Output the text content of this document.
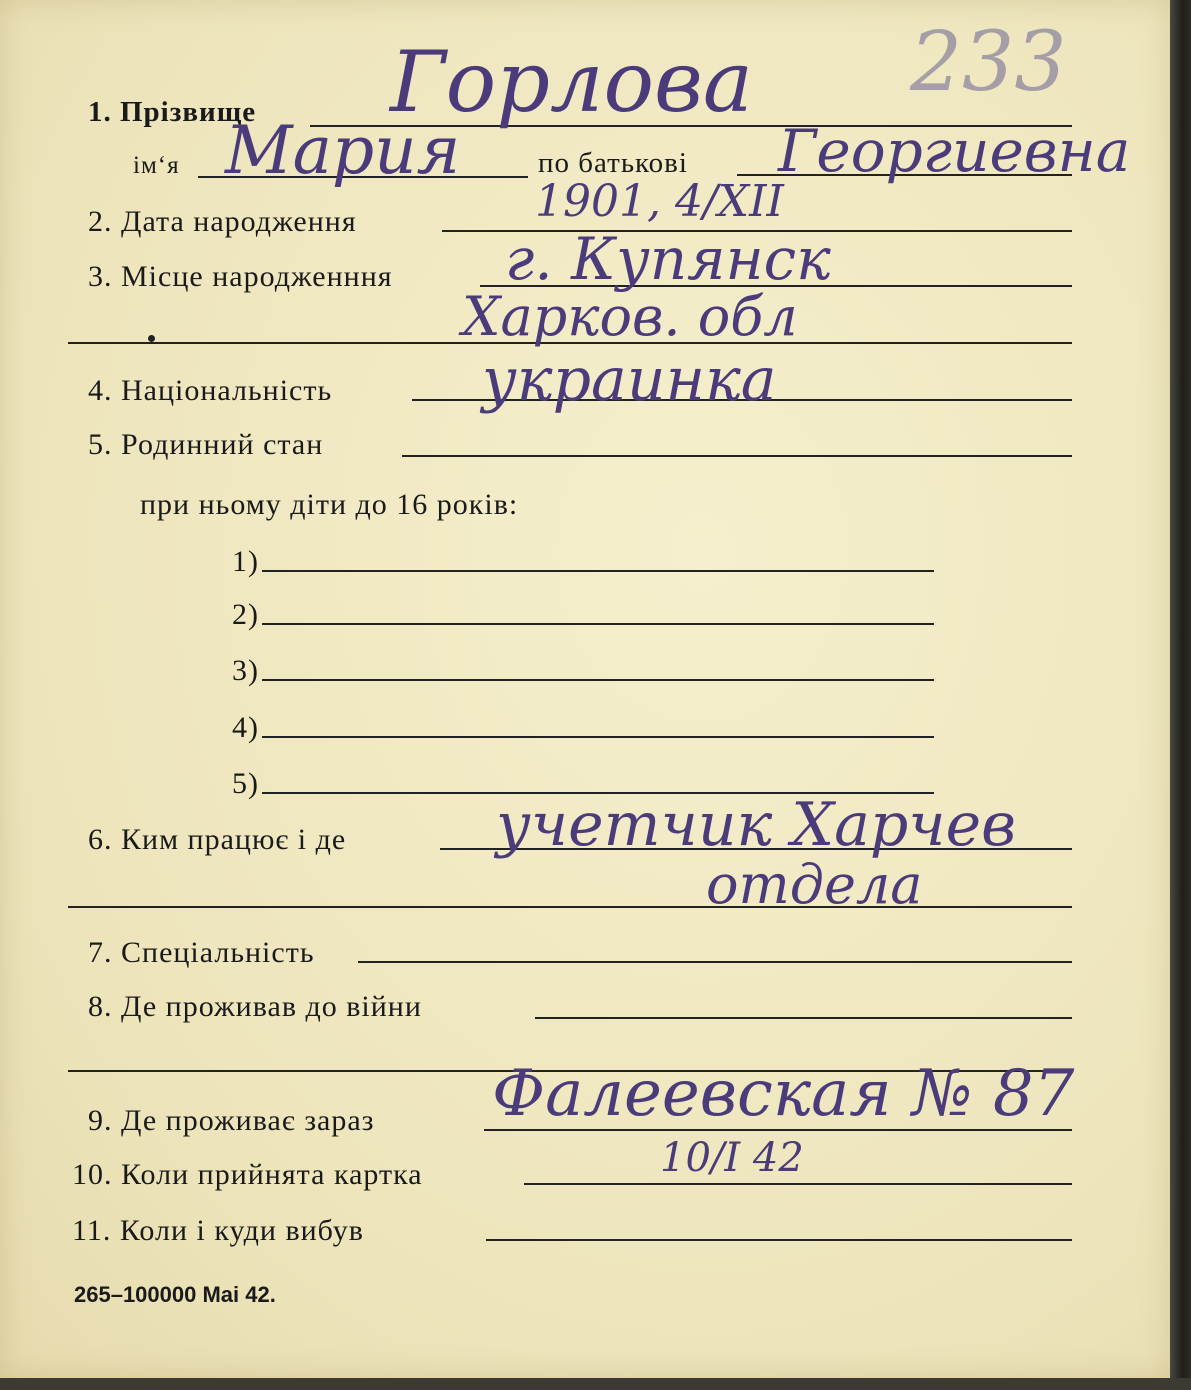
233
1. Прізвище Горлова
ім‘я Мария	по батькові Георгиевна
2. Дата народження	1901, 4/XII
3. Місце народженння г. Купянск
Харков. обл
4. Національність украинка
5. Родинний стан
при ньому діти до 16 років:
1)
2)
3)
4)
5)
6. Ким працює і де учетчик Харчев
отдела
7. Спеціальність
8. Де проживав до війни
9. Де проживає зараз Фалеевская № 87
10. Коли прийнята картка	10/I 42
11. Коли і куди вибув
265–100000 Mai 42.
